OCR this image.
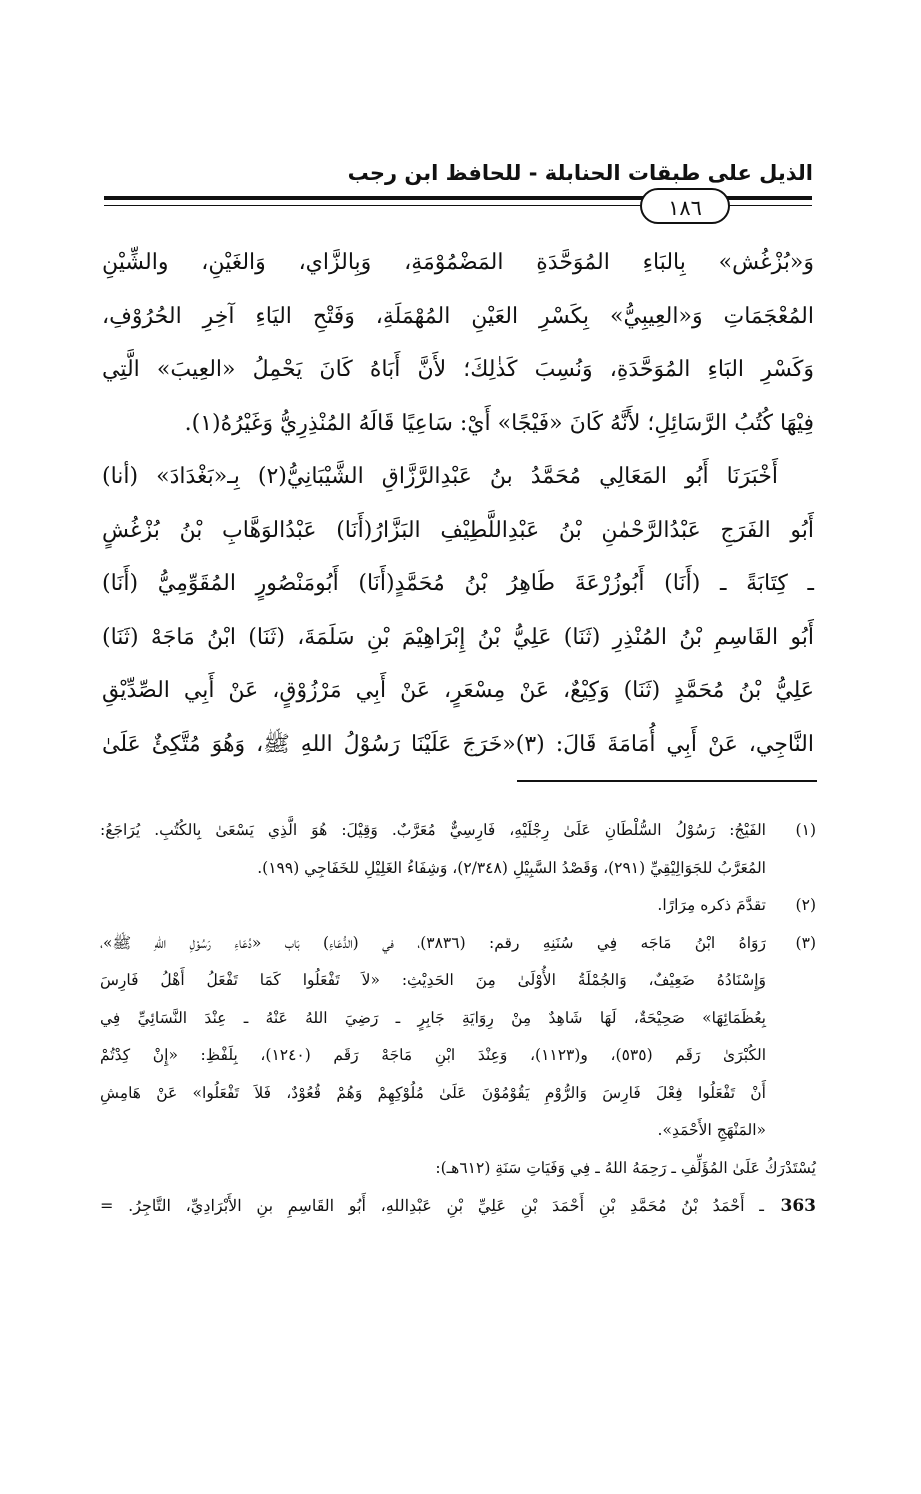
الذيل على طبقات الحنابلة - للحافظ ابن رجب
١٨٦

وَ«بُزْغُش» بِالبَاءِ المُوَحَّدَةِ المَضْمُوْمَةِ، وَبِالزَّاي، وَالغَيْنِ، والشِّيْنِ

المُعْجَمَاتِ وَ«العِيبِيُّ» بِكَسْرِ العَيْنِ المُهْمَلَةِ، وَفَتْحِ اليَاءِ آخِرِ الحُرُوْفِ،

وَكَسْرِ البَاءِ المُوَحَّدَةِ، وَنُسِبَ كَذٰلِكَ؛ لأَنَّ أَبَاهُ كَانَ يَحْمِلُ «العِيبَ» الَّتِي

فِيْهَا كُتُبُ الرَّسَائِلِ؛ لأَنَّهُ كَانَ «فَيْجًا» أَيْ: سَاعِيًا قَالَهُ المُنْذِرِيُّ وَغَيْرُهُ(١).

أَخْبَرَنَا أَبُو المَعَالِي مُحَمَّدُ بنُ عَبْدِالرَّزَّاقِ الشَّيْبَانِيُّ(٢) بِـ«بَغْدَادَ» (أنا)

أَبُو الفَرَجِ عَبْدُالرَّحْمٰنِ بْنُ عَبْدِاللَّطِيْفِ البَزَّارُ(أَنَا) عَبْدُالوَهَّابِ بْنُ بُزْغُشٍ

ـ كِتَابَةً ـ (أَنَا) أَبُوزُرْعَةَ طَاهِرُ بْنُ مُحَمَّدٍ(أَنَا) أَبُومَنْصُورٍ المُقَوِّمِيُّ (أَنَا)

أَبُو القَاسِمِ بْنُ المُنْذِرِ (ثَنَا) عَلِيُّ بْنُ إِبْرَاهِيْمَ بْنِ سَلَمَةَ، (ثَنَا) ابْنُ مَاجَهْ (ثَنَا)

عَلِيُّ بْنُ مُحَمَّدٍ (ثَنَا) وَكِيْعٌ، عَنْ مِسْعَرٍ، عَنْ أَبِي مَرْزُوْقٍ، عَنْ أَبِي الصِّدِّيْقِ

النَّاجِي، عَنْ أَبِي أُمَامَةَ قَالَ: (٣)«خَرَجَ عَلَيْنَا رَسُوْلُ اللهِ ﷺ، وَهُوَ مُتَّكِئٌ عَلَىٰ

(١)
الفَيْجُ: رَسُوْلُ السُّلْطَانِ عَلَىٰ رِجْلَيْهِ، فَارِسِيٌّ مُعَرَّبٌ. وَقِيْلَ: هُوَ الَّذِي يَسْعَىٰ بِالكُتُبِ. يُرَاجَعُ:
المُعَرَّبُ للجَوَالِيْقِيِّ (٢٩١)، وَقَصْدُ السَّبِيْلِ (٢/٣٤٨)، وَشِفَاءُ الغَلِيْلِ للخَفَاجِي (١٩٩).
(٢)
تقدَّمَ ذكره مِرَارًا.
(٣)
رَوَاهُ ابْنُ مَاجَه فِي سُنَنِهِ رقم: (٣٨٣٦)، في (الدُّعَاءِ) بَاب «دُعَاءِ رَسُوْلِ اللهِ ﷺ»،
وَإِسْنَادُهُ ضَعِيْفٌ، وَالجُمْلَةُ الأُوْلَىٰ مِنَ الحَدِيْثِ: «لاَ تَفْعَلُوا كَمَا تَفْعَلُ أَهْلُ فَارِسَ
بِعُظَمَائِهَا» صَحِيْحَةٌ، لَهَا شَاهِدٌ مِنْ رِوَايَةِ جَابِرٍ ـ رَضِيَ اللهُ عَنْهُ ـ عِنْدَ النَّسَائِيِّ فِي
الكُبْرَىٰ رَقَم (٥٣٥)، و(١١٢٣)، وَعِنْدَ ابْنِ مَاجَهْ رَقَم (١٢٤٠)، بِلَفْظِ: «إِنْ كِدْتُمْ
أَنْ تَفْعَلُوا فِعْلَ فَارِسَ وَالرُّوْمِ يَقُوْمُوْنَ عَلَىٰ مُلُوْكِهِمْ وَهُمْ قُعُوْدٌ، فَلاَ تَفْعَلُوا» عَنْ هَامِشِ
«المَنْهَجِ الأَحْمَدِ».
يُسْتَدْرَكُ عَلَىٰ المُؤَلِّفِ ـ رَحِمَهُ اللهُ ـ فِي وَفَيَاتِ سَنَةِ (٦١٢هـ):
363
ـ أَحْمَدُ بْنُ مُحَمَّدِ بْنِ أَحْمَدَ بْنِ عَلِيِّ بْنِ عَبْدِاللهِ، أَبُو القَاسِمِ بنِ الأَبْرَادِيِّ، التَّاجِرُ. =
